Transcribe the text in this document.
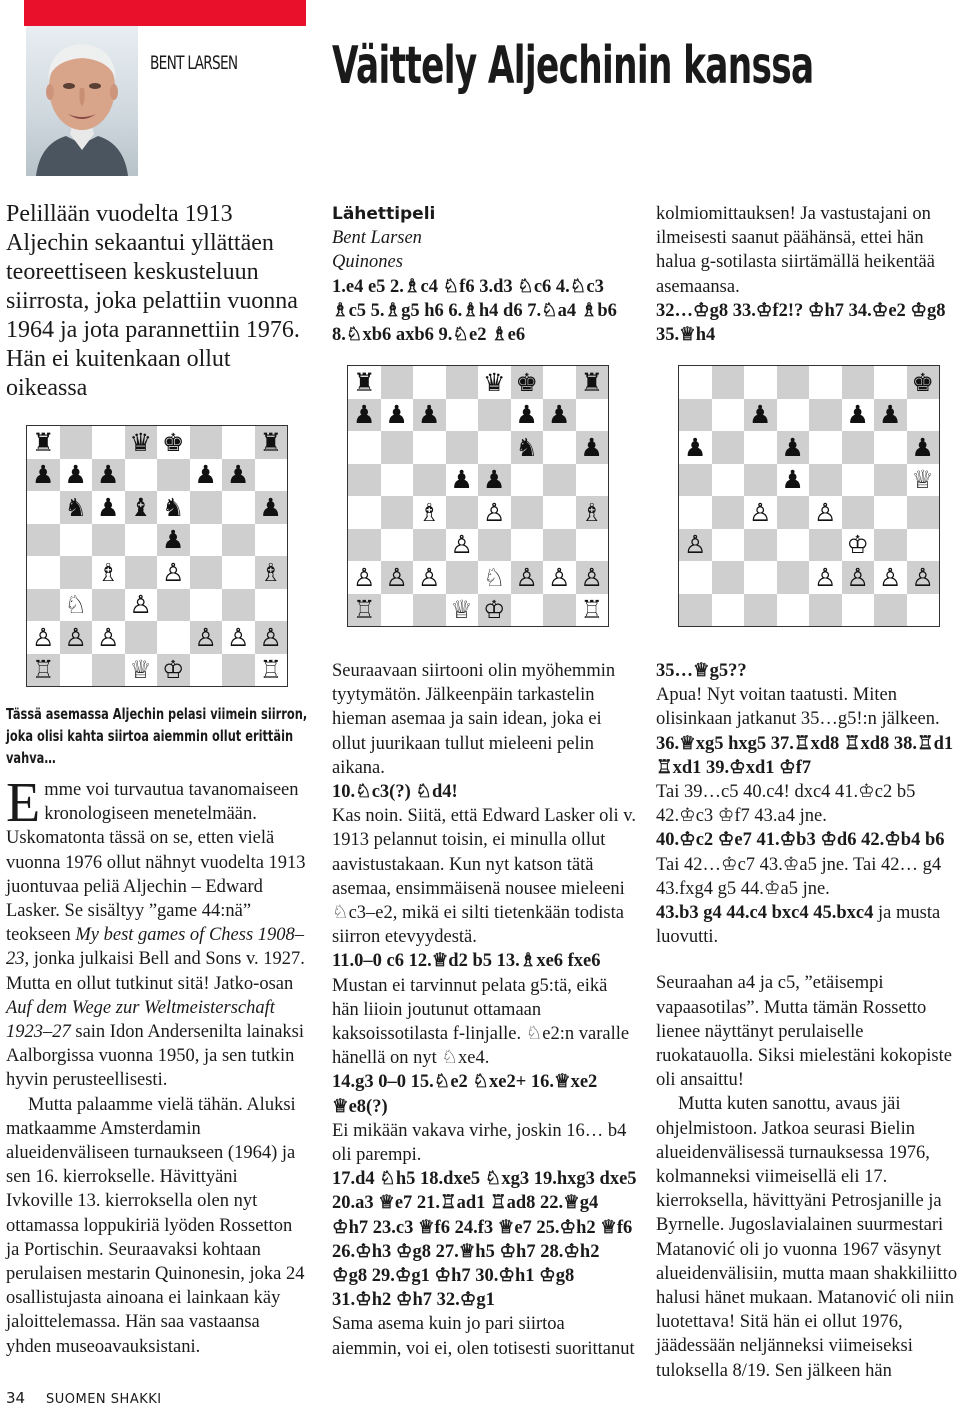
BENT LARSEN Väittely Aljechinin kanssa
Pelillään vuodelta 1913 Aljechin sekaantui yllättäen teoreettiseen keskusteluun siirrosta, joka pelattiin vuonna 1964 ja jota parannettiin 1976. Hän ei kuitenkaan ollut oikeassa

Lähettipeli

Bent Larsen

Quinones

1.e4 e5 2.♗c4 ♘f6 3.d3 ♘c6 4.♘c3 ♗c5 5.♗g5 h6 6.♗h4 d6 7.♘a4 ♗b6 8.♘xb6 axb6 9.♘e2 ♗e6

kolmiomittauksen! Ja vastustajani on ilmeisesti saanut päähänsä, ettei hän halua g-sotilasta siirtämällä heikentää asemaansa.

32…♔g8 33.♔f2!? ♔h7 34.♔e2 ♔g8 35.♕h4

♜	♛ ♚ ♜
♟ ♟ ♟	♟ ♟
♞ ♟
♟ ♟
♗ ♙	♗
♙
♙ ♙ ♙ ♘ ♙ ♙ ♙
♖	♕ ♔	♖
♜	♛ ♚	♜
♟ ♟ ♟	♟ ♟
♞ ♟ ♝ ♞	♟
♟
♗ ♙	♗
♘ ♙
♙ ♙ ♙	♙ ♙ ♙
♖	♕ ♔	♖
♚
♟	♟ ♟
♟	♟	♟
♟	♕
♙ ♙
♙	♔
♙ ♙ ♙ ♙
Tässä asemassa Aljechin pelasi viimein siirron, joka olisi kahta siirtoa aiemmin ollut erittäin vahva…

Emme voi turvautua tavanomaiseen kronologiseen menetelmään. Uskomatonta tässä on se, etten vielä vuonna 1976 ollut nähnyt vuodelta 1913 juontuvaa peliä Aljechin – Edward Lasker. Se sisältyy ”game 44:nä” teokseen My best games of Chess 1908–23, jonka julkaisi Bell and Sons v. 1927. Mutta en ollut tutkinut sitä! Jatko-osan Auf dem Wege zur Weltmeisterschaft 1923–27 sain Idon Andersenilta lainaksi Aalborgissa vuonna 1950, ja sen tutkin hyvin perusteellisesti.

Mutta palaamme vielä tähän. Aluksi matkaamme Amsterdamin alueidenväliseen turnaukseen (1964) ja sen 16. kierrokselle. Hävittyäni Ivkoville 13. kierroksella olen nyt ottamassa loppukiriä lyöden Rossetton ja Portischin. Seuraavaksi kohtaan perulaisen mestarin Quinonesin, joka 24 osallistujasta ainoana ei lainkaan käy jaloittelemassa. Hän saa vastaansa yhden museoavauksistani.

Seuraavaan siirtooni olin myöhemmin tyytymätön. Jälkeenpäin tarkastelin hieman asemaa ja sain idean, joka ei ollut juurikaan tullut mieleeni pelin aikana.

10.♘c3(?) ♘d4!

Kas noin. Siitä, että Edward Lasker oli v. 1913 pelannut toisin, ei minulla ollut aavistustakaan. Kun nyt katson tätä asemaa, ensimmäisenä nousee mieleeni ♘c3–e2, mikä ei silti tietenkään todista siirron etevyydestä.

11.0–0 c6 12.♕d2 b5 13.♗xe6 fxe6

Mustan ei tarvinnut pelata g5:tä, eikä hän liioin joutunut ottamaan kaksoissotilasta f-linjalle. ♘e2:n varalle hänellä on nyt ♘xe4.

14.g3 0–0 15.♘e2 ♘xe2+ 16.♕xe2 ♕e8(?)

Ei mikään vakava virhe, joskin 16… b4 oli parempi.

17.d4 ♘h5 18.dxe5 ♘xg3 19.hxg3 dxe5 20.a3 ♕e7 21.♖ad1 ♖ad8 22.♕g4 ♔h7 23.c3 ♕f6 24.f3 ♕e7 25.♔h2 ♕f6 26.♔h3 ♔g8 27.♕h5 ♔h7 28.♔h2 ♔g8 29.♔g1 ♔h7 30.♔h1 ♔g8 31.♔h2 ♔h7 32.♔g1

Sama asema kuin jo pari siirtoa aiemmin, voi ei, olen totisesti suorittanut

35…♕g5??

Apua! Nyt voitan taatusti. Miten olisinkaan jatkanut 35…g5!:n jälkeen.

36.♕xg5 hxg5 37.♖xd8 ♖xd8 38.♖d1 ♖xd1 39.♔xd1 ♔f7

Tai 39…c5 40.c4! dxc4 41.♔c2 b5 42.♔c3 ♔f7 43.a4 jne.

40.♔c2 ♔e7 41.♔b3 ♔d6 42.♔b4 b6

Tai 42…♔c7 43.♔a5 jne. Tai 42… g4 43.fxg4 g5 44.♔a5 jne.

43.b3 g4 44.c4 bxc4 45.bxc4 ja musta luovutti.

Seuraahan a4 ja c5, ”etäisempi vapaasotilas”. Mutta tämän Rossetto lienee näyttänyt perulaiselle ruokatauolla. Siksi mielestäni kokopiste oli ansaittu!

Mutta kuten sanottu, avaus jäi ohjelmistoon. Jatkoa seurasi Bielin alueidenvälisessä turnauksessa 1976, kolmanneksi viimeisellä eli 17. kierroksella, hävittyäni Petrosjanille ja Byrnelle. Jugoslavialainen suurmestari Matanović oli jo vuonna 1967 väsynyt alueidenvälisiin, mutta maan shakkiliitto halusi hänet mukaan. Matanović oli niin luotettava! Sitä hän ei ollut 1976, jäädessään neljänneksi viimeiseksi tuloksella 8/19. Sen jälkeen hän

34 SUOMEN SHAKKI
